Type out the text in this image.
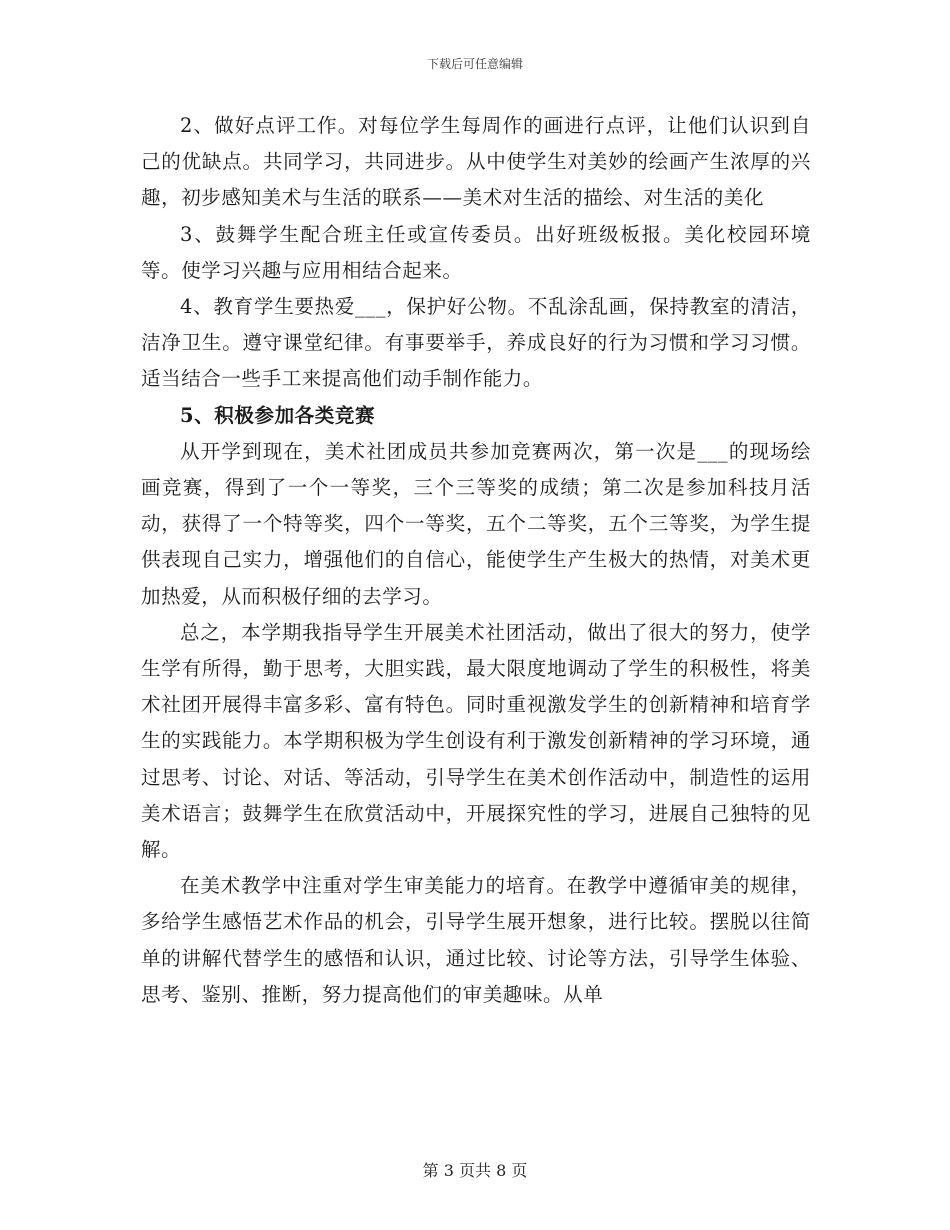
下载后可任意编辑

2、做好点评工作。对每位学生每周作的画进行点评，让他们认识到自己的优缺点。共同学习，共同进步。从中使学生对美妙的绘画产生浓厚的兴趣，初步感知美术与生活的联系——美术对生活的描绘、对生活的美化

3、鼓舞学生配合班主任或宣传委员。出好班级板报。美化校园环境等。使学习兴趣与应用相结合起来。

4、教育学生要热爱___，保护好公物。不乱涂乱画，保持教室的清洁，洁净卫生。遵守课堂纪律。有事要举手，养成良好的行为习惯和学习习惯。适当结合一些手工来提高他们动手制作能力。

5、积极参加各类竞赛

从开学到现在，美术社团成员共参加竞赛两次，第一次是___的现场绘画竞赛，得到了一个一等奖，三个三等奖的成绩；第二次是参加科技月活动，获得了一个特等奖，四个一等奖，五个二等奖，五个三等奖，为学生提供表现自己实力，增强他们的自信心，能使学生产生极大的热情，对美术更加热爱，从而积极仔细的去学习。

总之，本学期我指导学生开展美术社团活动，做出了很大的努力，使学生学有所得，勤于思考，大胆实践，最大限度地调动了学生的积极性，将美术社团开展得丰富多彩、富有特色。同时重视激发学生的创新精神和培育学生的实践能力。本学期积极为学生创设有利于激发创新精神的学习环境，通过思考、讨论、对话、等活动，引导学生在美术创作活动中，制造性的运用美术语言；鼓舞学生在欣赏活动中，开展探究性的学习，进展自己独特的见解。

在美术教学中注重对学生审美能力的培育。在教学中遵循审美的规律，多给学生感悟艺术作品的机会，引导学生展开想象，进行比较。摆脱以往简单的讲解代替学生的感悟和认识，通过比较、讨论等方法，引导学生体验、思考、鉴别、推断，努力提高他们的审美趣味。从单

第 3 页共 8 页
